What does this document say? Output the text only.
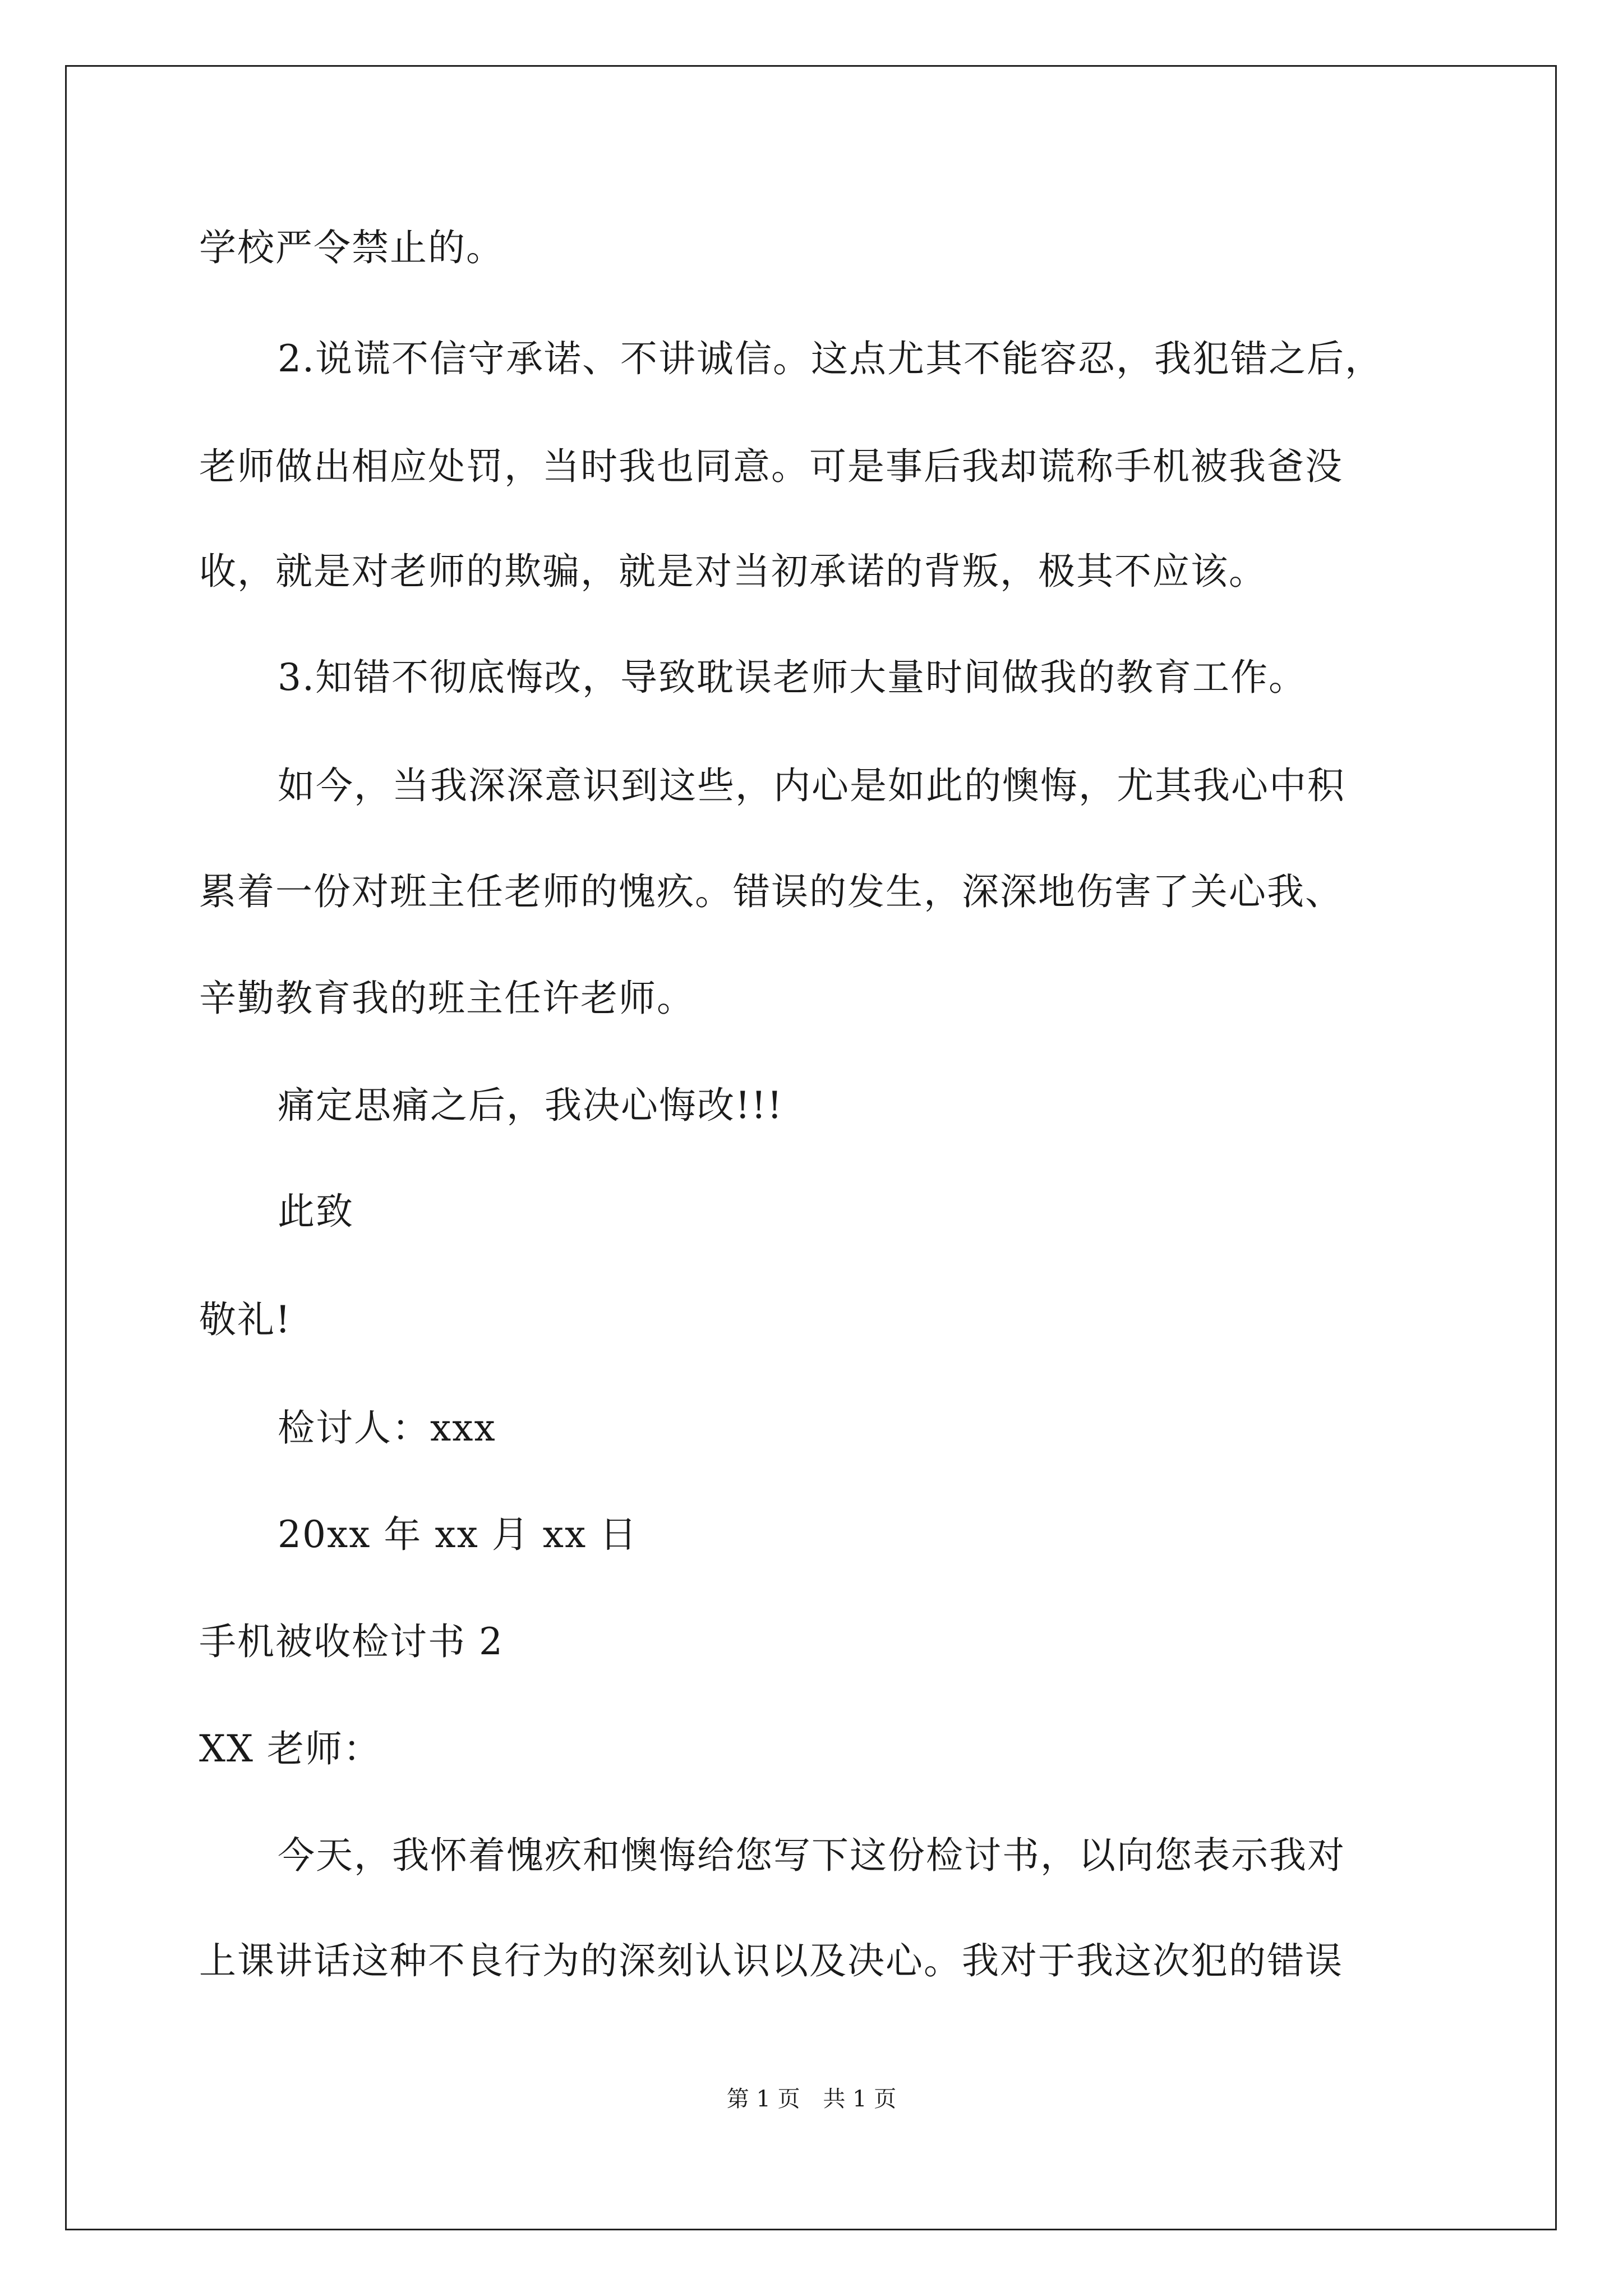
学校严令禁止的。
2.说谎不信守承诺、不讲诚信。这点尤其不能容忍，我犯错之后，
老师做出相应处罚，当时我也同意。可是事后我却谎称手机被我爸没
收，就是对老师的欺骗，就是对当初承诺的背叛，极其不应该。
3.知错不彻底悔改，导致耽误老师大量时间做我的教育工作。
如今，当我深深意识到这些，内心是如此的懊悔，尤其我心中积
累着一份对班主任老师的愧疚。错误的发生，深深地伤害了关心我、
辛勤教育我的班主任许老师。
痛定思痛之后，我决心悔改!!!
此致
敬礼!
检讨人：xxx
20xx 年 xx 月 xx 日
手机被收检讨书 2
XX 老师：
今天，我怀着愧疚和懊悔给您写下这份检讨书，以向您表示我对
上课讲话这种不良行为的深刻认识以及决心。我对于我这次犯的错误
第 1 页 共 1 页
